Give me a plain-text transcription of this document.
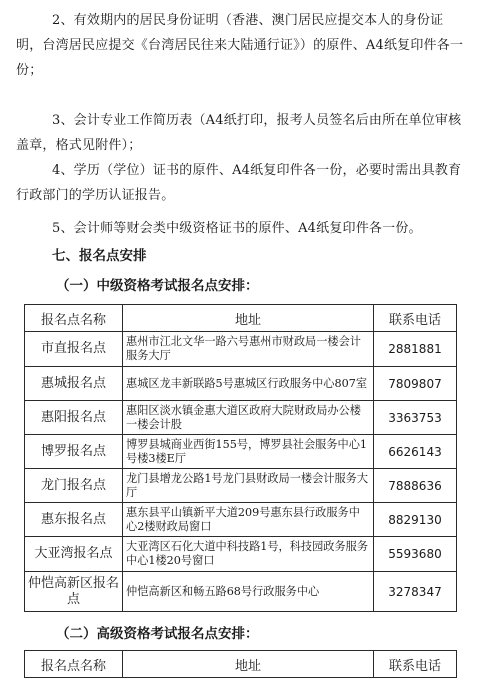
2、有效期内的居民身份证明（香港、澳门居民应提交本人的身份证明，台湾居民应提交《台湾居民往来大陆通行证》）的原件、A4纸复印件各一份；

3、会计专业工作简历表（A4纸打印，报考人员签名后由所在单位审核盖章，格式见附件）；

4、学历（学位）证书的原件、A4纸复印件各一份，必要时需出具教育行政部门的学历认证报告。

5、会计师等财会类中级资格证书的原件、A4纸复印件各一份。

七、报名点安排
（一）中级资格考试报名点安排：
报名点名称	地址	联系电话
市直报名点	惠州市江北文华一路六号惠州市财政局一楼会计服务大厅	2881881
惠城报名点	惠城区龙丰新联路5号惠城区行政服务中心807室	7809807
惠阳报名点	惠阳区淡水镇金惠大道区政府大院财政局办公楼一楼会计股	3363753
博罗报名点	博罗县城商业西街155号，博罗县社会服务中心1号楼3楼E厅	6626143
龙门报名点	龙门县增龙公路1号龙门县财政局一楼会计服务大厅	7888636
惠东报名点	惠东县平山镇新平大道209号惠东县行政服务中心2楼财政局窗口	8829130
大亚湾报名点	大亚湾区石化大道中科技路1号，科技园政务服务中心1楼20号窗口	5593680
仲恺高新区报名点	仲恺高新区和畅五路68号行政服务中心	3278347
（二）高级资格考试报名点安排：
报名点名称	地址	联系电话
